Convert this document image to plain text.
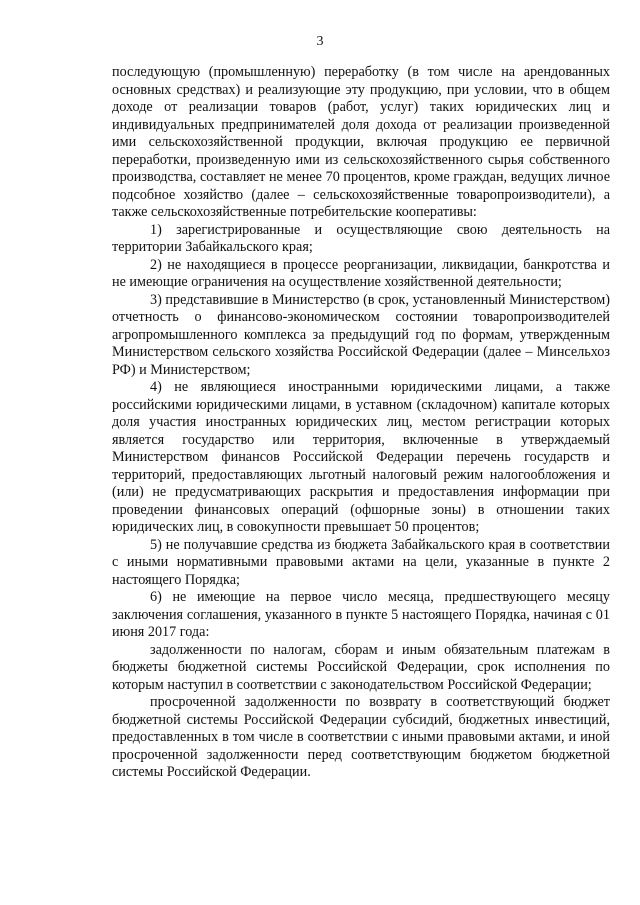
3

последующую (промышленную) переработку (в том числе на арендованных основных средствах) и реализующие эту продукцию, при условии, что в общем доходе от реализации товаров (работ, услуг) таких юридических лиц и индивидуальных предпринимателей доля дохода от реализации произведенной ими сельскохозяйственной продукции, включая продукцию ее первичной переработки, произведенную ими из сельскохозяйственного сырья собственного производства, составляет не менее 70 процентов, кроме граждан, ведущих личное подсобное хозяйство (далее – сельскохозяйственные товаропроизводители), а также сельскохозяйственные потребительские кооперативы:

1) зарегистрированные и осуществляющие свою деятельность на территории Забайкальского края;

2) не находящиеся в процессе реорганизации, ликвидации, банкротства и не имеющие ограничения на осуществление хозяйственной деятельности;

3) представившие в Министерство (в срок, установленный Министерством) отчетность о финансово-экономическом состоянии товаропроизводителей агропромышленного комплекса за предыдущий год по формам, утвержденным Министерством сельского хозяйства Российской Федерации (далее – Минсельхоз РФ) и Министерством;

4) не являющиеся иностранными юридическими лицами, а также российскими юридическими лицами, в уставном (складочном) капитале которых доля участия иностранных юридических лиц, местом регистрации которых является государство или территория, включенные в утверждаемый Министерством финансов Российской Федерации перечень государств и территорий, предоставляющих льготный налоговый режим налогообложения и (или) не предусматривающих раскрытия и предоставления информации при проведении финансовых операций (офшорные зоны) в отношении таких юридических лиц, в совокупности превышает 50 процентов;

5) не получавшие средства из бюджета Забайкальского края в соответствии с иными нормативными правовыми актами на цели, указанные в пункте 2 настоящего Порядка;

6) не имеющие на первое число месяца, предшествующего месяцу заключения соглашения, указанного в пункте 5 настоящего Порядка, начиная с 01 июня 2017 года:

задолженности по налогам, сборам и иным обязательным платежам в бюджеты бюджетной системы Российской Федерации, срок исполнения по которым наступил в соответствии с законодательством Российской Федерации;

просроченной задолженности по возврату в соответствующий бюджет бюджетной системы Российской Федерации субсидий, бюджетных инвестиций, предоставленных в том числе в соответствии с иными правовыми актами, и иной просроченной задолженности перед соответствующим бюджетом бюджетной системы Российской Федерации.
